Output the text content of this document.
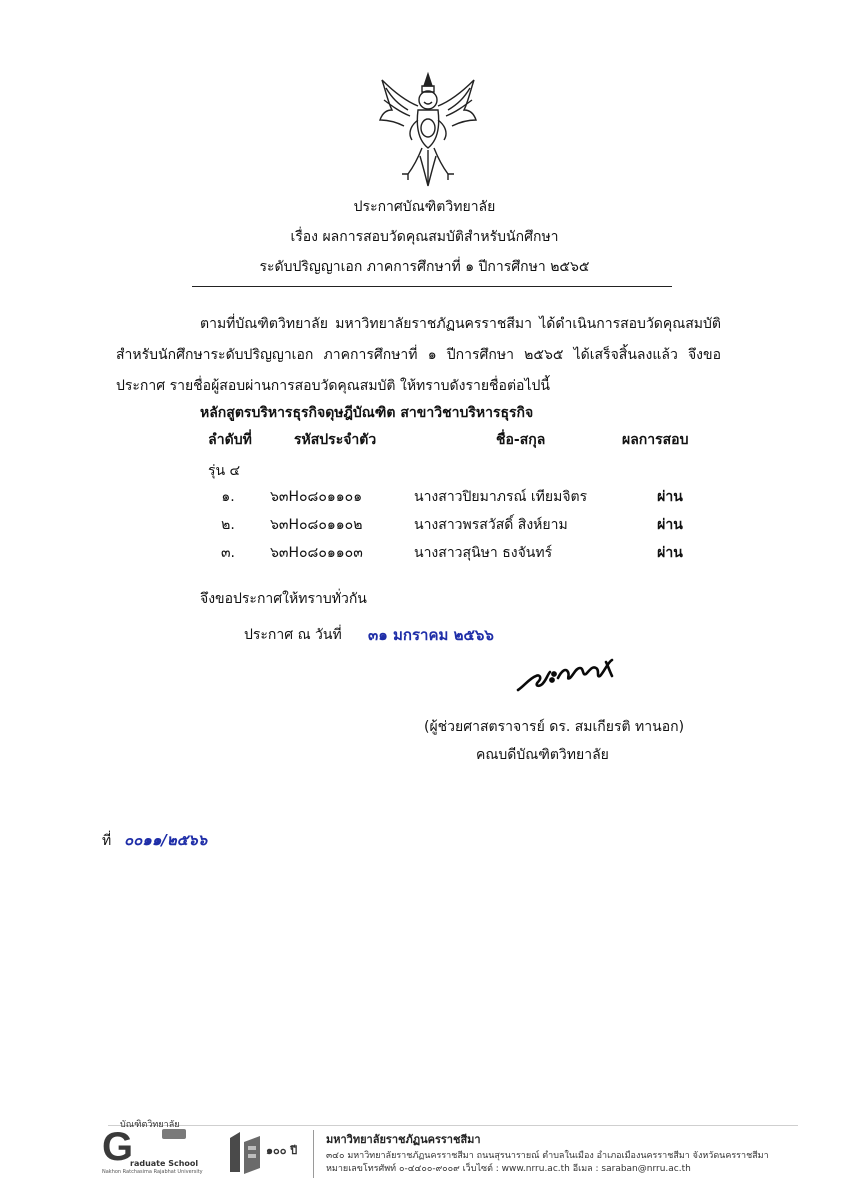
ประกาศบัณฑิตวิทยาลัย
เรื่อง ผลการสอบวัดคุณสมบัติสำหรับนักศึกษา
ระดับปริญญาเอก ภาคการศึกษาที่ ๑ ปีการศึกษา ๒๕๖๕
ตามที่บัณฑิตวิทยาลัย มหาวิทยาลัยราชภัฏนครราชสีมา ได้ดำเนินการสอบวัดคุณสมบัติ สำหรับนักศึกษาระดับปริญญาเอก ภาคการศึกษาที่ ๑ ปีการศึกษา ๒๕๖๕ ได้เสร็จสิ้นลงแล้ว จึงขอประกาศ รายชื่อผู้สอบผ่านการสอบวัดคุณสมบัติ ให้ทราบดังรายชื่อต่อไปนี้
หลักสูตรบริหารธุรกิจดุษฎีบัณฑิต สาขาวิชาบริหารธุรกิจ
ลำดับที่	รหัสประจำตัว	ชื่อ-สกุล	ผลการสอบ
รุ่น ๔
๑.	๖๓H๐๘๐๑๑๐๑	นางสาวปิยมาภรณ์ เทียมจิตร	ผ่าน
๒.	๖๓H๐๘๐๑๑๐๒	นางสาวพรสวัสดิ์ สิงห์ยาม	ผ่าน
๓.	๖๓H๐๘๐๑๑๐๓	นางสาวสุนิษา ธงจันทร์	ผ่าน
จึงขอประกาศให้ทราบทั่วกัน
ประกาศ ณ วันที่ ๓๑ มกราคม ๒๕๖๖
(ผู้ช่วยศาสตราจารย์ ดร. สมเกียรติ ทานอก)
คณบดีบัณฑิตวิทยาลัย
ที่ ๐๐๑๑/๒๕๖๖
G
บัณฑิตวิทยาลัย
raduate School
Nakhon Ratchasima Rajabhat University
๑๐๐ ปี
มหาวิทยาลัยราชภัฏนครราชสีมา
๓๔๐ มหาวิทยาลัยราชภัฏนครราชสีมา ถนนสุรนารายณ์ ตำบลในเมือง อำเภอเมืองนครราชสีมา จังหวัดนครราชสีมา
หมายเลขโทรศัพท์ ๐-๔๔๐๐-๙๐๐๙ เว็บไซต์ : www.nrru.ac.th อีเมล : saraban@nrru.ac.th
